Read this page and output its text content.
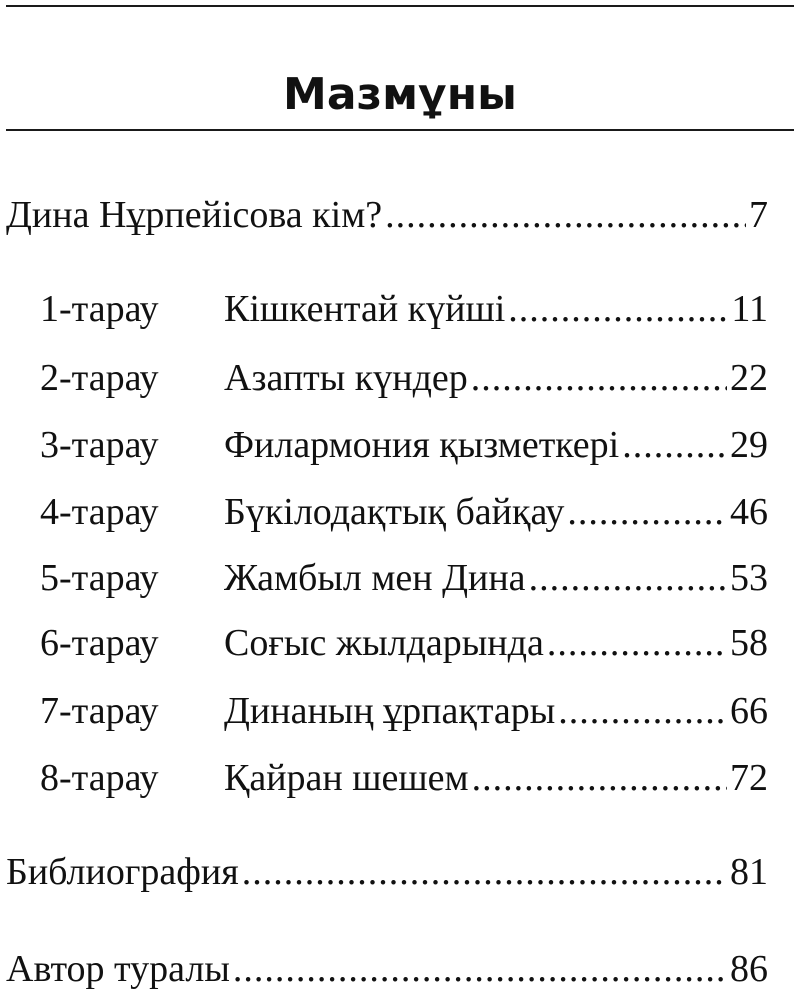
Мазмұны
Дина Нұрпейісова кім? .....	7
1-тарау	Кішкентай күйші .....	11
2-тарау	Азапты күндер .....	22
3-тарау	Филармония қызметкері .....	29
4-тарау	Бүкілодақтық байқау .....	46
5-тарау	Жамбыл мен Дина .....	53
6-тарау	Соғыс жылдарында .....	58
7-тарау	Динаның ұрпақтары .....	66
8-тарау	Қайран шешем .....	72
Библиография .....	81
Автор туралы .....	86
